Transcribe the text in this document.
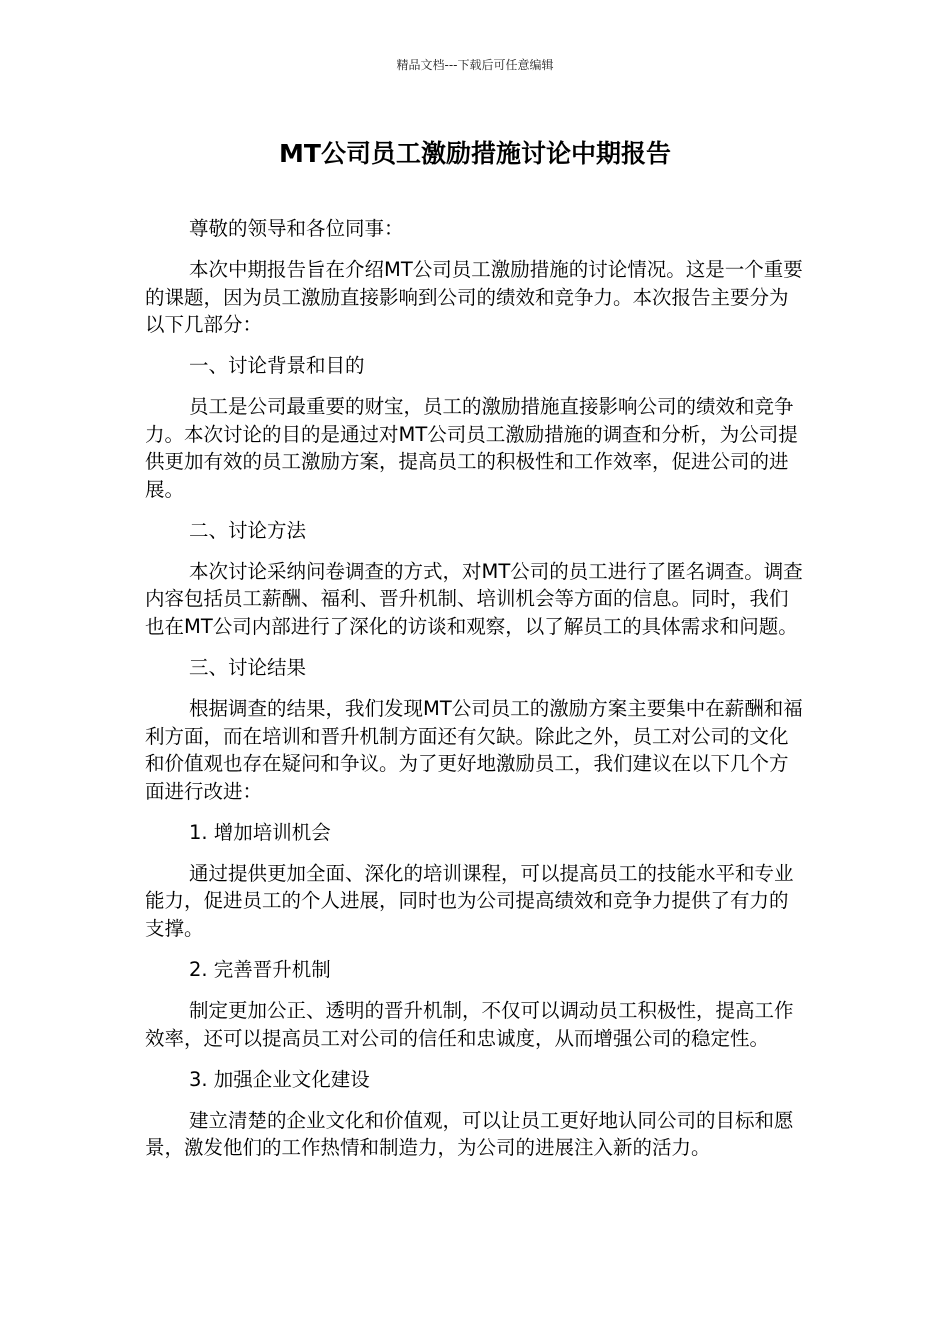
精品文档---下载后可任意编辑
MT公司员工激励措施讨论中期报告

尊敬的领导和各位同事：

本次中期报告旨在介绍MT公司员工激励措施的讨论情况。这是一个重要的课题，因为员工激励直接影响到公司的绩效和竞争力。本次报告主要分为以下几部分：

一、讨论背景和目的

员工是公司最重要的财宝，员工的激励措施直接影响公司的绩效和竞争力。本次讨论的目的是通过对MT公司员工激励措施的调查和分析，为公司提供更加有效的员工激励方案，提高员工的积极性和工作效率，促进公司的进展。

二、讨论方法

本次讨论采纳问卷调查的方式，对MT公司的员工进行了匿名调查。调查内容包括员工薪酬、福利、晋升机制、培训机会等方面的信息。同时，我们也在MT公司内部进行了深化的访谈和观察，以了解员工的具体需求和问题。

三、讨论结果

根据调查的结果，我们发现MT公司员工的激励方案主要集中在薪酬和福利方面，而在培训和晋升机制方面还有欠缺。除此之外，员工对公司的文化和价值观也存在疑问和争议。为了更好地激励员工，我们建议在以下几个方面进行改进：

1. 增加培训机会

通过提供更加全面、深化的培训课程，可以提高员工的技能水平和专业能力，促进员工的个人进展，同时也为公司提高绩效和竞争力提供了有力的支撑。

2. 完善晋升机制

制定更加公正、透明的晋升机制，不仅可以调动员工积极性，提高工作效率，还可以提高员工对公司的信任和忠诚度，从而增强公司的稳定性。

3. 加强企业文化建设

建立清楚的企业文化和价值观，可以让员工更好地认同公司的目标和愿景，激发他们的工作热情和制造力，为公司的进展注入新的活力。
